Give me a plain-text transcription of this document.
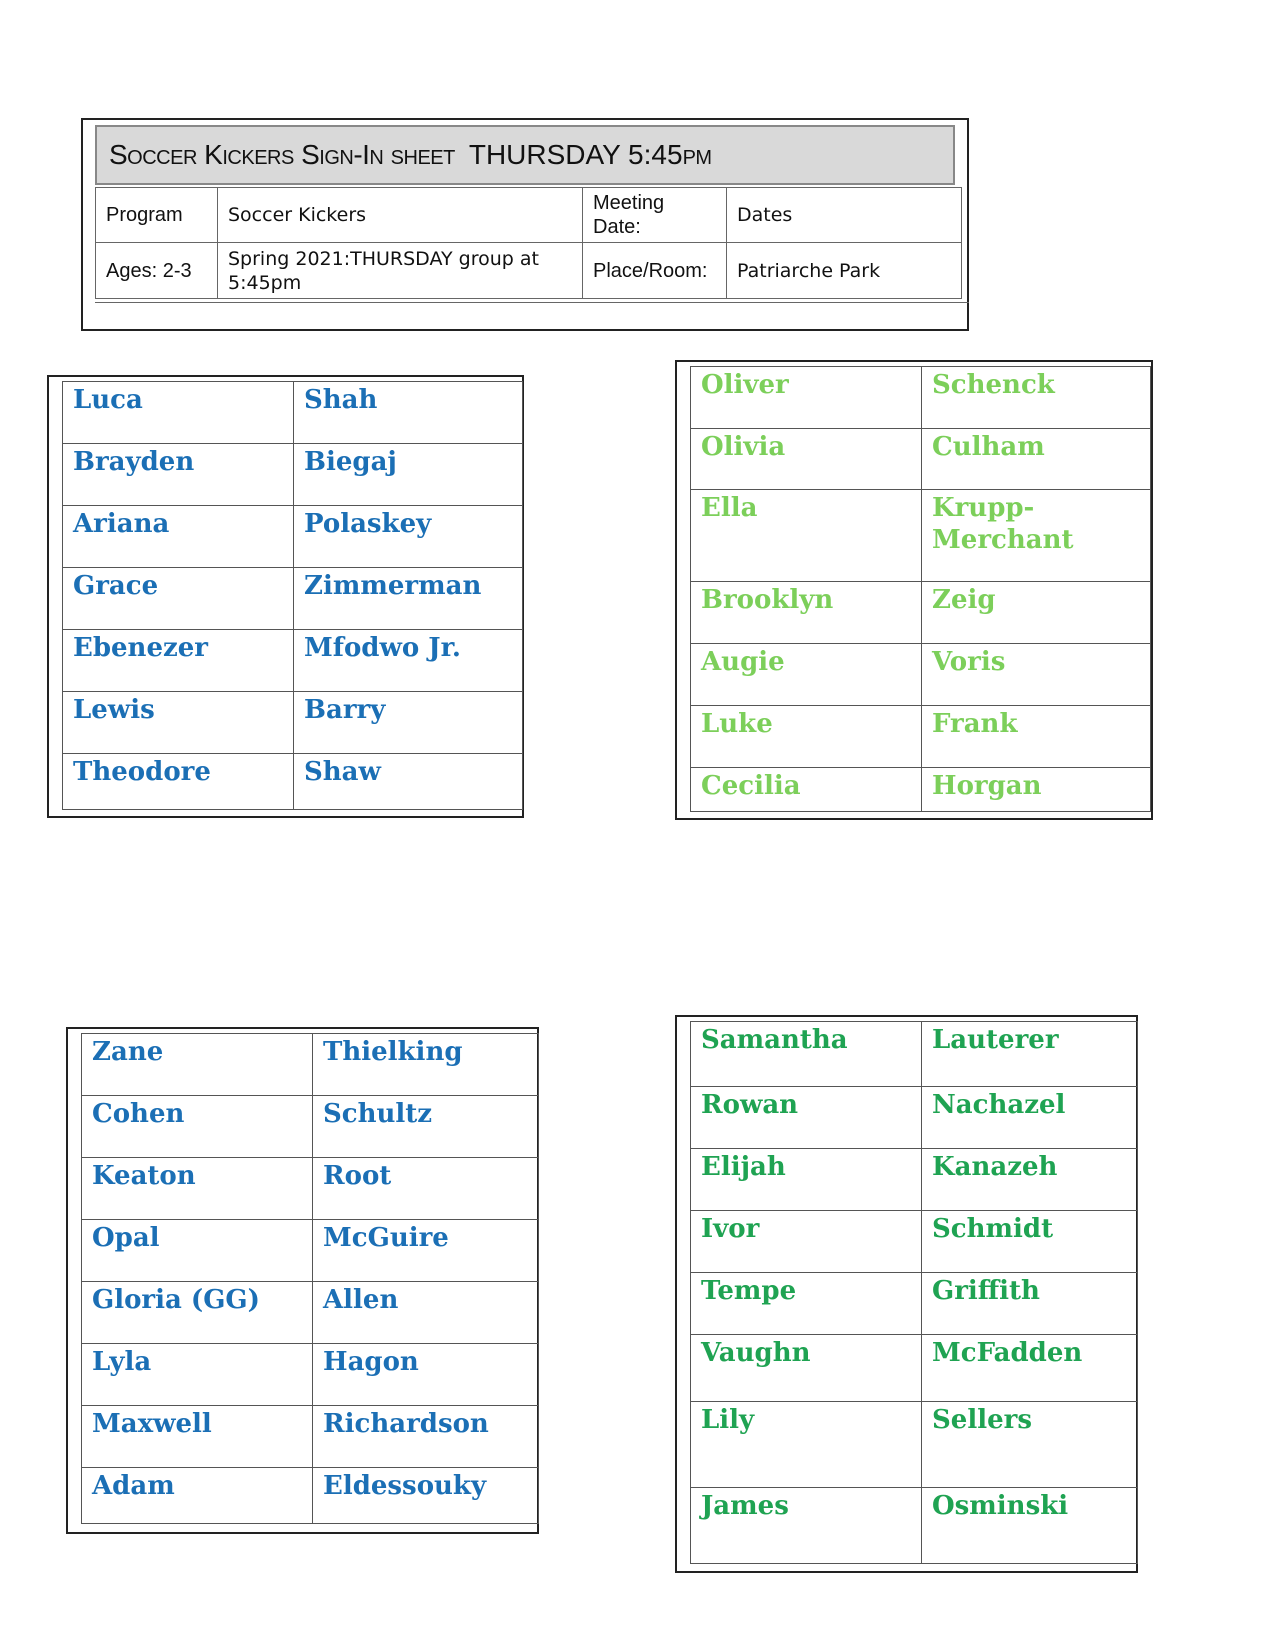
Soccer Kickers Sign-In sheet THURSDAY 5:45 pm
Program	Soccer Kickers	Meeting Date:	Dates
Ages: 2-3	Spring 2021:THURSDAY group at 5:45pm	Place/Room:	Patriarche Park
Luca	Shah
Brayden	Biegaj
Ariana	Polaskey
Grace	Zimmerman
Ebenezer	Mfodwo Jr.
Lewis	Barry
Theodore	Shaw
Oliver	Schenck
Olivia	Culham
Ella	Krupp-Merchant
Brooklyn	Zeig
Augie	Voris
Luke	Frank
Cecilia	Horgan
Zane	Thielking
Cohen	Schultz
Keaton	Root
Opal	McGuire
Gloria (GG)	Allen
Lyla	Hagon
Maxwell	Richardson
Adam	Eldessouky
Samantha	Lauterer
Rowan	Nachazel
Elijah	Kanazeh
Ivor	Schmidt
Tempe	Griffith
Vaughn	McFadden
Lily	Sellers
James	Osminski
